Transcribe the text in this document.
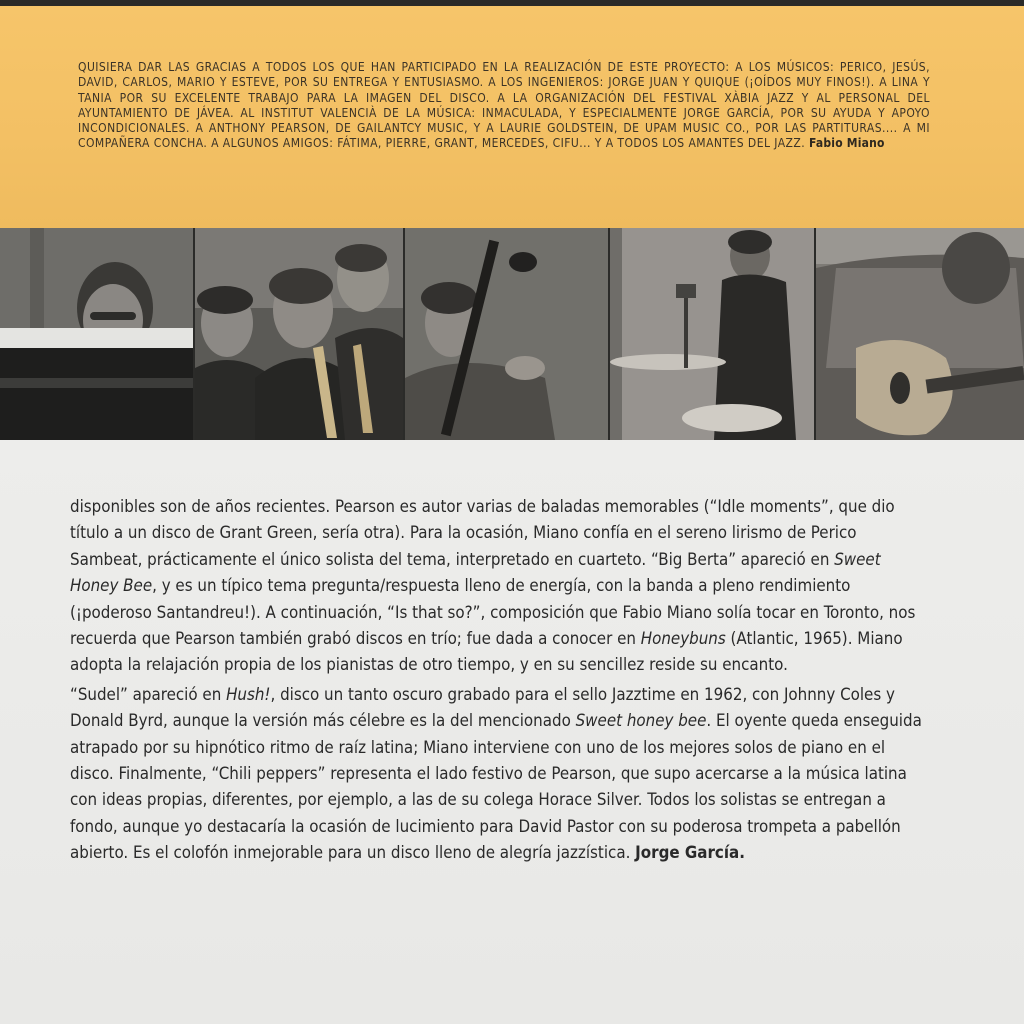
QUISIERA DAR LAS GRACIAS A TODOS LOS QUE HAN PARTICIPADO EN LA REALIZACIÓN DE ESTE PROYECTO: A LOS MÚSICOS: PERICO, JESÚS, DAVID, CARLOS, MARIO Y ESTEVE, POR SU ENTREGA Y ENTUSIASMO. A LOS INGENIEROS: JORGE JUAN Y QUIQUE (¡OÍDOS MUY FINOS!). A LINA Y TANIA POR SU EXCELENTE TRABAJO PARA LA IMAGEN DEL DISCO. A LA ORGANIZACIÓN DEL FESTIVAL XÀBIA JAZZ Y AL PERSONAL DEL AYUNTAMIENTO DE JÁVEA. AL INSTITUT VALENCIÀ DE LA MÚSICA: INMACULADA, Y ESPECIALMENTE JORGE GARCÍA, POR SU AYUDA Y APOYO INCONDICIONALES. A ANTHONY PEARSON, DE GAILANTCY MUSIC, Y A LAURIE GOLDSTEIN, DE UPAM MUSIC CO., POR LAS PARTITURAS.... A MI COMPAÑERA CONCHA. A ALGUNOS AMIGOS: FÁTIMA, PIERRE, GRANT, MERCEDES, CIFU... Y A TODOS LOS AMANTES DEL JAZZ. Fabio Miano

disponibles son de años recientes. Pearson es autor varias de baladas memorables (“Idle moments”, que dio título a un disco de Grant Green, sería otra). Para la ocasión, Miano confía en el sereno lirismo de Perico Sambeat, prácticamente el único solista del tema, interpretado en cuarteto. “Big Berta” apareció en Sweet Honey Bee, y es un típico tema pregunta/respuesta lleno de energía, con la banda a pleno rendimiento (¡poderoso Santandreu!). A continuación, “Is that so?”, composición que Fabio Miano solía tocar en Toronto, nos recuerda que Pearson también grabó discos en trío; fue dada a conocer en Honeybuns (Atlantic, 1965). Miano adopta la relajación propia de los pianistas de otro tiempo, y en su sencillez reside su encanto.

“Sudel” apareció en Hush!, disco un tanto oscuro grabado para el sello Jazztime en 1962, con Johnny Coles y Donald Byrd, aunque la versión más célebre es la del mencionado Sweet honey bee. El oyente queda enseguida atrapado por su hipnótico ritmo de raíz latina; Miano interviene con uno de los mejores solos de piano en el disco. Finalmente, “Chili peppers” representa el lado festivo de Pearson, que supo acercarse a la música latina con ideas propias, diferentes, por ejemplo, a las de su colega Horace Silver. Todos los solistas se entregan a fondo, aunque yo destacaría la ocasión de lucimiento para David Pastor con su poderosa trompeta a pabellón abierto. Es el colofón inmejorable para un disco lleno de alegría jazzística. Jorge García.
